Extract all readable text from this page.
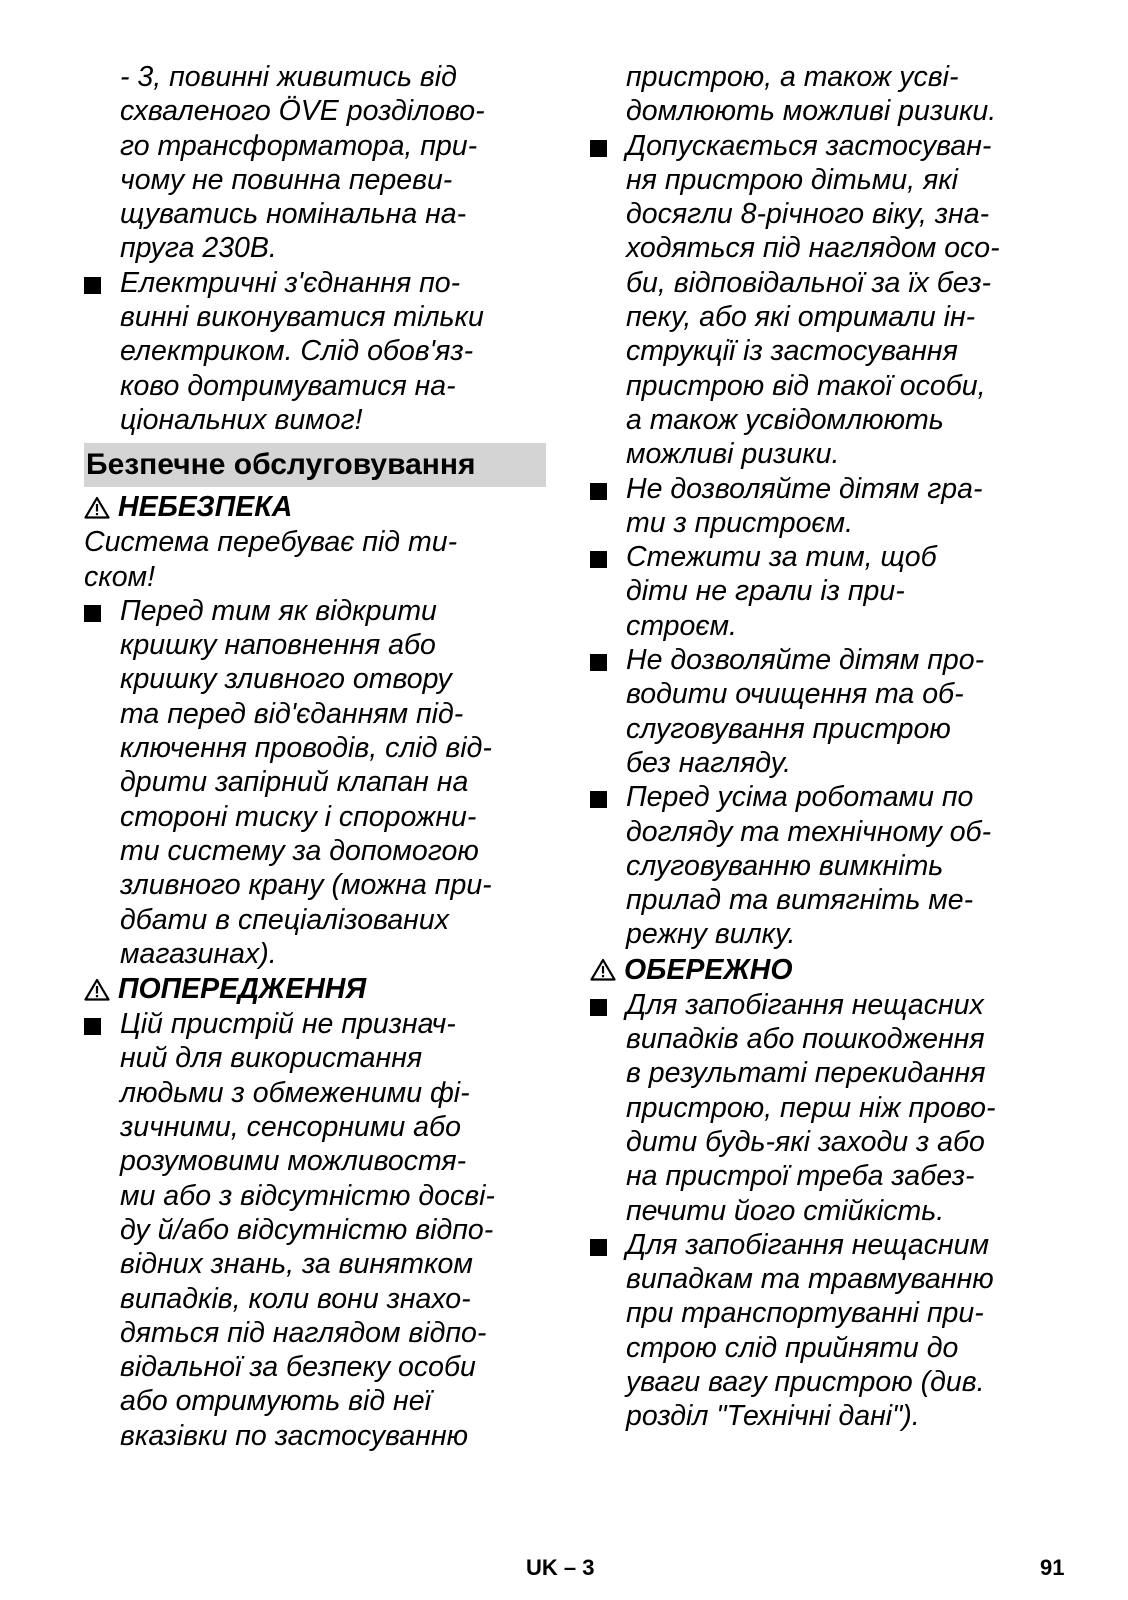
- 3, повинні живитись від
схваленого ÖVE розділово-
го трансформатора, при-
чому не повинна переви-
щуватись номінальна на-
пруга 230В.
Електричні з'єднання по-
винні виконуватися тільки
електриком. Слід обов'яз-
ково дотримуватися на-
ціональних вимог!
Безпечне обслуговування
НЕБЕЗПЕКА
Система перебуває під ти-
ском!
Перед тим як відкрити
кришку наповнення або
кришку зливного отвору
та перед від'єданням під-
ключення проводів, слід від-
дрити запірний клапан на
стороні тиску і спорожни-
ти систему за допомогою
зливного крану (можна при-
дбати в спеціалізованих
магазинах).
ПОПЕРЕДЖЕННЯ
Цій пристрій не признач-
ний для використання
людьми з обмеженими фі-
зичними, сенсорними або
розумовими можливостя-
ми або з відсутністю досві-
ду й/або відсутністю відпо-
відних знань, за винятком
випадків, коли вони знахо-
дяться під наглядом відпо-
відальної за безпеку особи
або отримують від неї
вказівки по застосуванню
пристрою, а також усві-
домлюють можливі ризики.
Допускається застосуван-
ня пристрою дітьми, які
досягли 8-річного віку, зна-
ходяться під наглядом осо-
би, відповідальної за їх без-
пеку, або які отримали ін-
струкції із застосування
пристрою від такої особи,
а також усвідомлюють
можливі ризики.
Не дозволяйте дітям гра-
ти з пристроєм.
Стежити за тим, щоб
діти не грали із при-
строєм.
Не дозволяйте дітям про-
водити очищення та об-
слуговування пристрою
без нагляду.
Перед усіма роботами по
догляду та технічному об-
слуговуванню вимкніть
прилад та витягніть ме-
режну вилку.
ОБЕРЕЖНО
Для запобігання нещасних
випадків або пошкодження
в результаті перекидання
пристрою, перш ніж прово-
дити будь-які заходи з або
на пристрої треба забез-
печити його стійкість.
Для запобігання нещасним
випадкам та травмуванню
при транспортуванні при-
строю слід прийняти до
уваги вагу пристрою (див.
розділ "Технічні дані").
UK – 3	91
